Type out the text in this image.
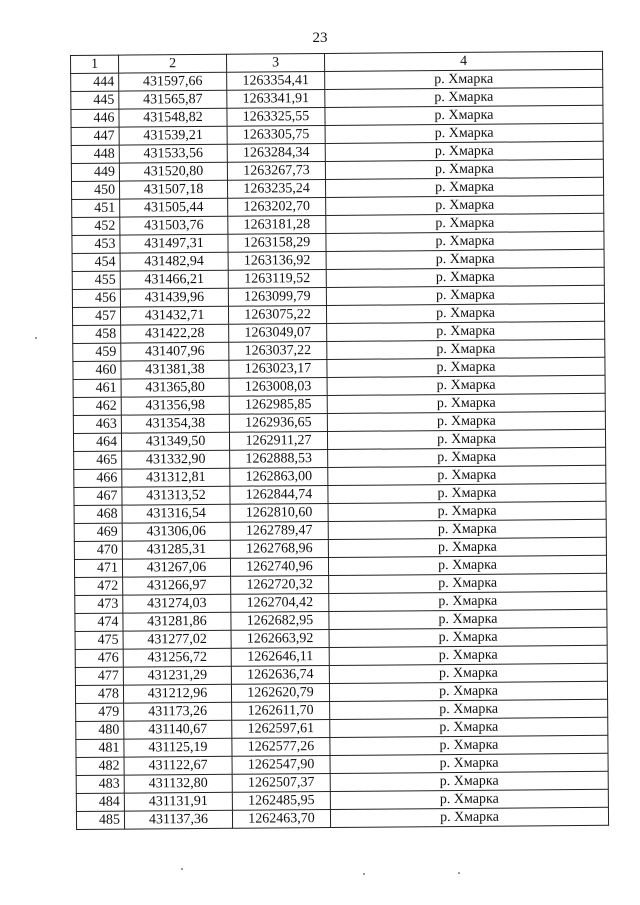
23
1	2	3	4
444	431597,66	1263354,41	р. Хмарка
445	431565,87	1263341,91	р. Хмарка
446	431548,82	1263325,55	р. Хмарка
447	431539,21	1263305,75	р. Хмарка
448	431533,56	1263284,34	р. Хмарка
449	431520,80	1263267,73	р. Хмарка
450	431507,18	1263235,24	р. Хмарка
451	431505,44	1263202,70	р. Хмарка
452	431503,76	1263181,28	р. Хмарка
453	431497,31	1263158,29	р. Хмарка
454	431482,94	1263136,92	р. Хмарка
455	431466,21	1263119,52	р. Хмарка
456	431439,96	1263099,79	р. Хмарка
457	431432,71	1263075,22	р. Хмарка
458	431422,28	1263049,07	р. Хмарка
459	431407,96	1263037,22	р. Хмарка
460	431381,38	1263023,17	р. Хмарка
461	431365,80	1263008,03	р. Хмарка
462	431356,98	1262985,85	р. Хмарка
463	431354,38	1262936,65	р. Хмарка
464	431349,50	1262911,27	р. Хмарка
465	431332,90	1262888,53	р. Хмарка
466	431312,81	1262863,00	р. Хмарка
467	431313,52	1262844,74	р. Хмарка
468	431316,54	1262810,60	р. Хмарка
469	431306,06	1262789,47	р. Хмарка
470	431285,31	1262768,96	р. Хмарка
471	431267,06	1262740,96	р. Хмарка
472	431266,97	1262720,32	р. Хмарка
473	431274,03	1262704,42	р. Хмарка
474	431281,86	1262682,95	р. Хмарка
475	431277,02	1262663,92	р. Хмарка
476	431256,72	1262646,11	р. Хмарка
477	431231,29	1262636,74	р. Хмарка
478	431212,96	1262620,79	р. Хмарка
479	431173,26	1262611,70	р. Хмарка
480	431140,67	1262597,61	р. Хмарка
481	431125,19	1262577,26	р. Хмарка
482	431122,67	1262547,90	р. Хмарка
483	431132,80	1262507,37	р. Хмарка
484	431131,91	1262485,95	р. Хмарка
485	431137,36	1262463,70	р. Хмарка
